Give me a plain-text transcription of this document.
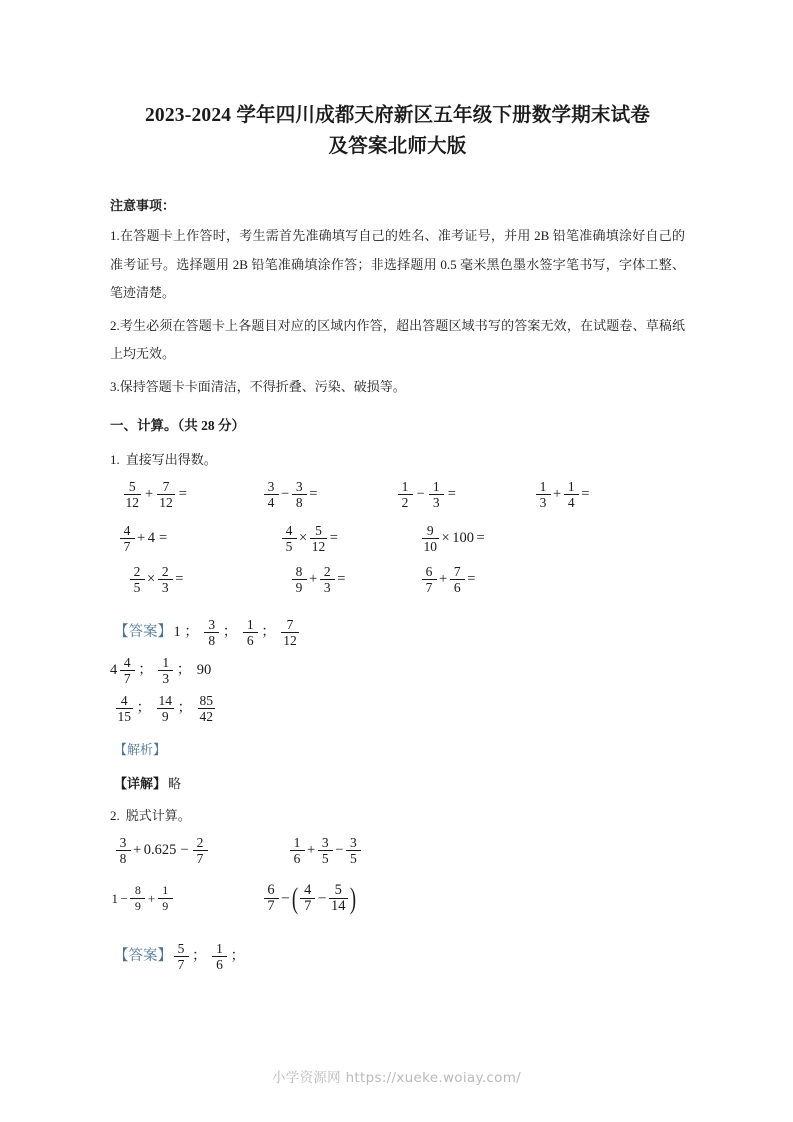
2023-2024 学年四川成都天府新区五年级下册数学期末试卷
及答案北师大版
注意事项：
1.在答题卡上作答时，考生需首先准确填写自己的姓名、准考证号，并用 2B 铅笔准确填涂好自己的准考证号。选择题用 2B 铅笔准确填涂作答；非选择题用 0.5 毫米黑色墨水签字笔书写，字体工整、笔迹清楚。
2.考生必须在答题卡上各题目对应的区域内作答，超出答题区域书写的答案无效，在试题卷、草稿纸上均无效。
3.保持答题卡卡面清洁，不得折叠、污染、破损等。
一、计算。（共 28 分）
1. 直接写出得数。
$\frac{5}{12} + \frac{7}{12}$ =	$\frac{3}{4} - \frac{3}{8}$ =	$\frac{1}{2} - \frac{1}{3}$ =	$\frac{1}{3} + \frac{1}{4}$ =
$\frac{4}{7} + 4$ =	$\frac{4}{5} \times \frac{5}{12}$ =	$\frac{9}{10} \times 100$ =
$\frac{2}{5} \times \frac{2}{3}$ =	$\frac{8}{9} + \frac{2}{3}$ =	$\frac{6}{7} + \frac{7}{6}$ =
【答案】 1 ； $\frac{3}{8}$ ； $\frac{1}{6}$ ； $\frac{7}{12}$
$4 \frac{4}{7}$ ； $\frac{1}{3}$ ； 90
$\frac{4}{15}$ ； $\frac{14}{9}$ ； $\frac{85}{42}$
【解析】
【详解】 略
2. 脱式计算。
$\frac{3}{8} + 0.625 - \frac{2}{7}$	$\frac{1}{6} + \frac{3}{5} - \frac{3}{5}$
$1 - \frac{8}{9} + \frac{1}{9}$	$\frac{6}{7}$ − ( $\frac{4}{7} - \frac{5}{14}$ )
【答案】 $\frac{5}{7}$ ； $\frac{1}{6}$ ；
小学资源网 https://xueke.woiay.com/
